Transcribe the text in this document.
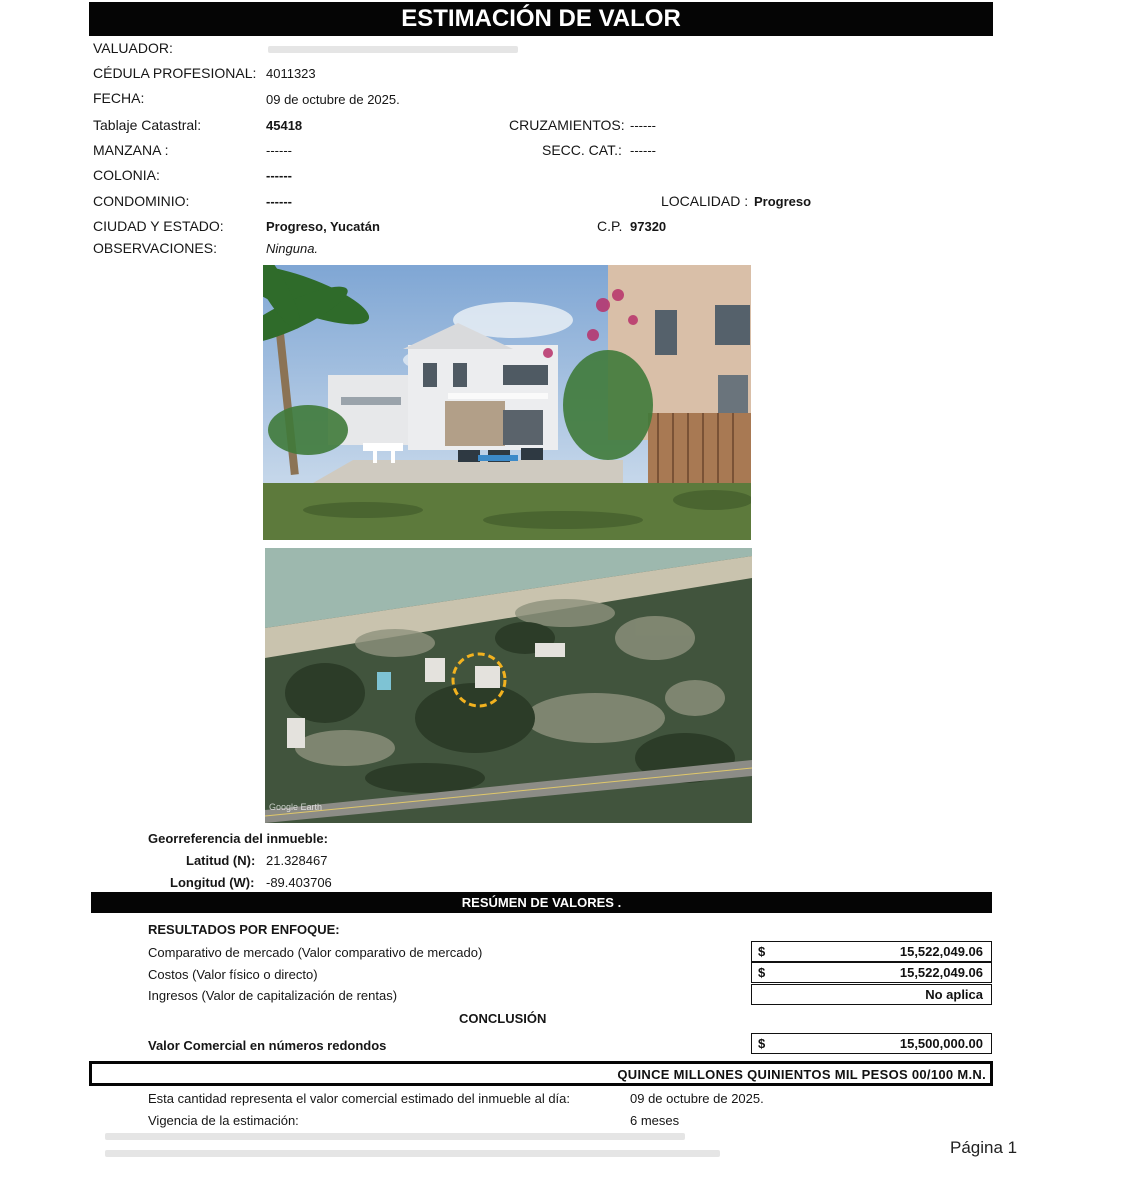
ESTIMACIÓN DE VALOR
VALUADOR:
CÉDULA PROFESIONAL: 4011323
FECHA:	09 de octubre de 2025.
Tablaje Catastral:	45418	CRUZAMIENTOS: ------
MANZANA :	------	SECC. CAT.: ------
COLONIA:	------
CONDOMINIO:	------	LOCALIDAD : Progreso
CIUDAD Y ESTADO:	Progreso, Yucatán	C.P. 97320
OBSERVACIONES:	Ninguna.
Google Earth
Georreferencia del inmueble:
Latitud (N): 21.328467
Longitud (W): -89.403706
RESÚMEN DE VALORES .
RESULTADOS POR ENFOQUE:
Comparativo de mercado (Valor comparativo de mercado)	$	15,522,049.06
Costos (Valor físico o directo)	$	15,522,049.06
Ingresos (Valor de capitalización de rentas)	No aplica
CONCLUSIÓN
Valor Comercial en números redondos	$	15,500,000.00
QUINCE MILLONES QUINIENTOS MIL PESOS 00/100 M.N.
Esta cantidad representa el valor comercial estimado del inmueble al día:	09 de octubre de 2025.
Vigencia de la estimación:	6 meses
Página 1
